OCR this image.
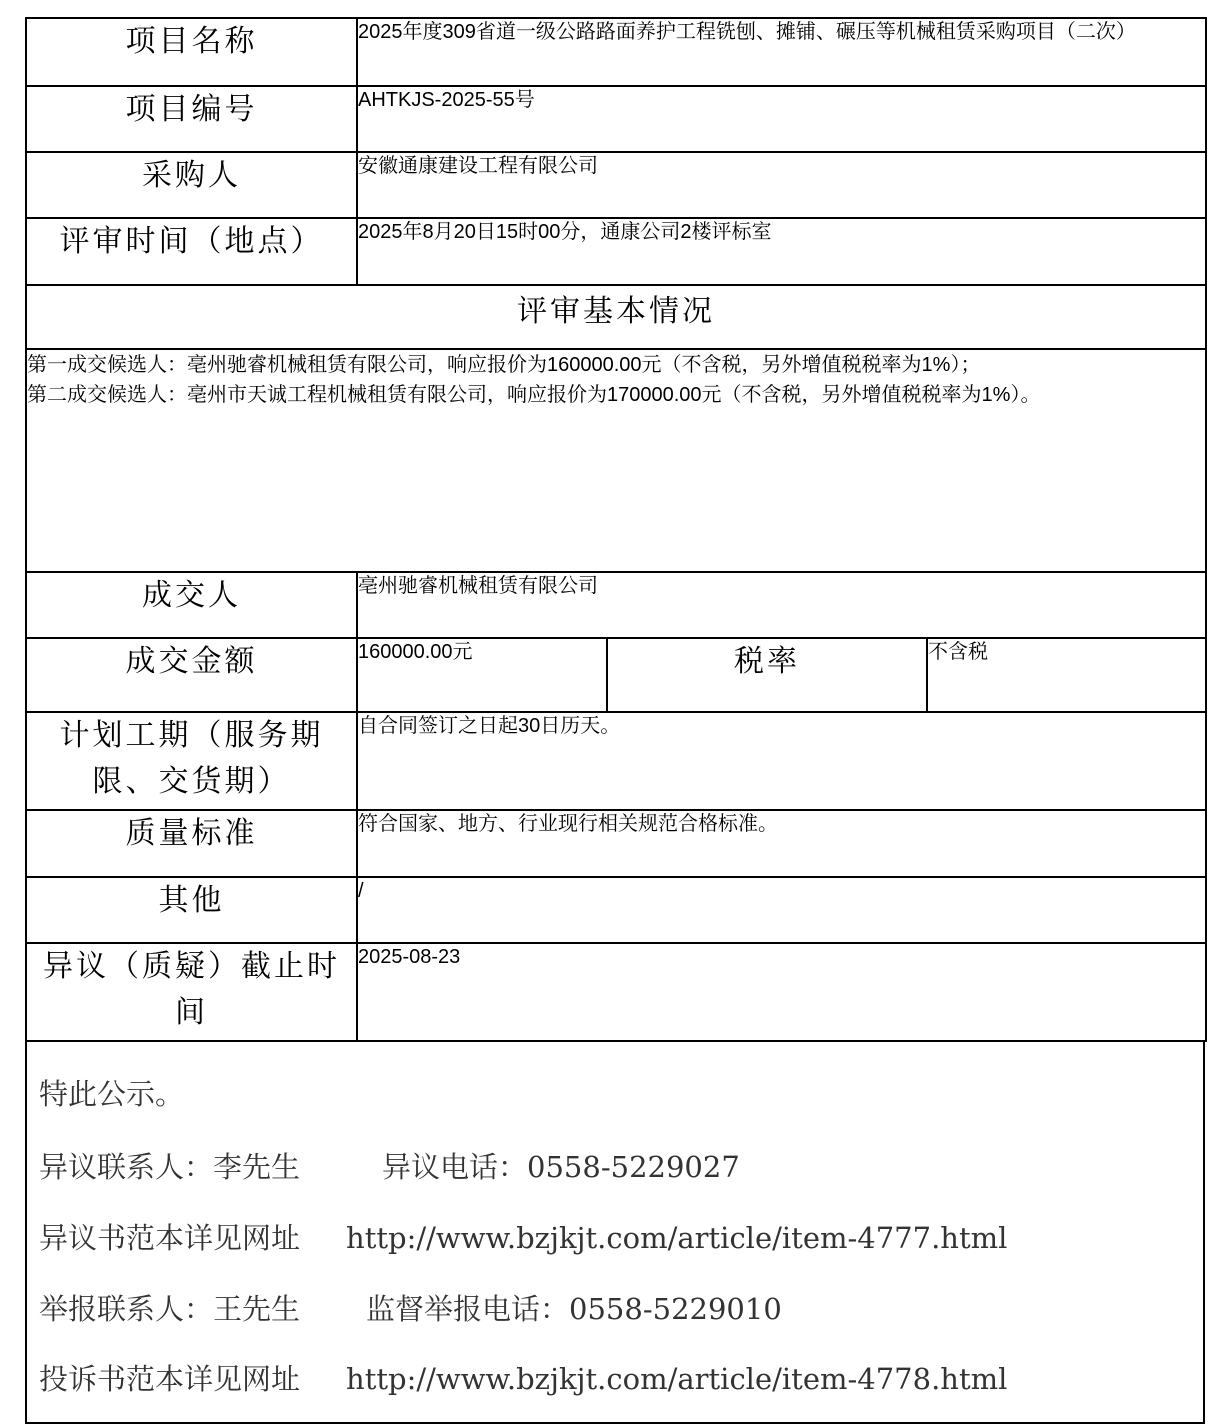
项目名称	2025年度309省道一级公路路面养护工程铣刨、摊铺、碾压等机械租赁采购项目（二次）		
项目编号	AHTKJS-2025-55号		
采购人	安徽通康建设工程有限公司		
评审时间（地点）	2025年8月20日15时00分，通康公司2楼评标室		
评审基本情况			

第一成交候选人：亳州驰睿机械租赁有限公司，响应报价为160000.00元（不含税，另外增值税税率为1%）；
第二成交候选人：亳州市天诚工程机械租赁有限公司，响应报价为170000.00元（不含税，另外增值税税率为1%）。			

成交人	亳州驰睿机械租赁有限公司		
成交金额	160000.00元	税率	不含税
计划工期（服务期限、交货期）	自合同签订之日起30日历天。		
质量标准	符合国家、地方、行业现行相关规范合格标准。		
其他	/		
异议（质疑）截止时间	2025-08-23		
特此公示。
异议联系人：李先生	异议电话：0558-5229027
异议书范本详见网址 http://www.bzjkjt.com/article/item-4777.html
举报联系人：王先生 监督举报电话：0558-5229010
投诉书范本详见网址 http://www.bzjkjt.com/article/item-4778.html
